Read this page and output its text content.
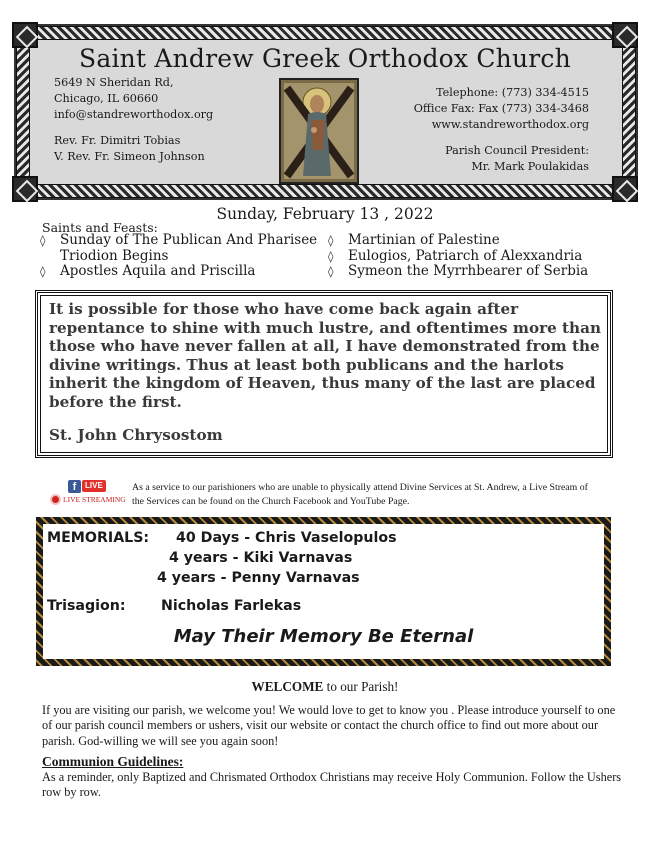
Saint Andrew Greek Orthodox Church
5649 N Sheridan Rd,
Chicago, IL 60660
info@standreworthodox.org
Rev. Fr. Dimitri Tobias
V. Rev. Fr. Simeon Johnson
Telephone: (773) 334-4515
Office Fax: Fax (773) 334-3468
www.standreworthodox.org
Parish Council President:
Mr. Mark Poulakidas
Sunday, February 13 , 2022
Saints and Feasts:
◊ Sunday of The Publican And Pharisee
Triodion Begins
◊ Apostles Aquila and Priscilla
◊ Martinian of Palestine
◊ Eulogios, Patriarch of Alexxandria
◊ Symeon the Myrrhbearer of Serbia
It is possible for those who have come back again after repentance to shine with much lustre, and oftentimes more than those who have never fallen at all, I have demonstrated from the divine writings. Thus at least both publicans and the harlots inherit the kingdom of Heaven, thus many of the last are placed before the first.
St. John Chrysostom
f	LIVE
LIVE STREAMING
As a service to our parishioners who are unable to physically attend Divine Services at St. Andrew, a Live Stream of the Services can be found on the Church Facebook and YouTube Page.
MEMORIALS: 40 Days - Chris Vaselopulos
4 years - Kiki Varnavas
4 years - Penny Varnavas
Trisagion: Nicholas Farlekas
May Their Memory Be Eternal
WELCOME to our Parish!
If you are visiting our parish, we welcome you! We would love to get to know you . Please introduce yourself to one of our parish council members or ushers, visit our website or contact the church office to find out more about our parish. God-willing we will see you again soon!
Communion Guidelines:
As a reminder, only Baptized and Chrismated Orthodox Christians may receive Holy Communion. Follow the Ushers row by row.
